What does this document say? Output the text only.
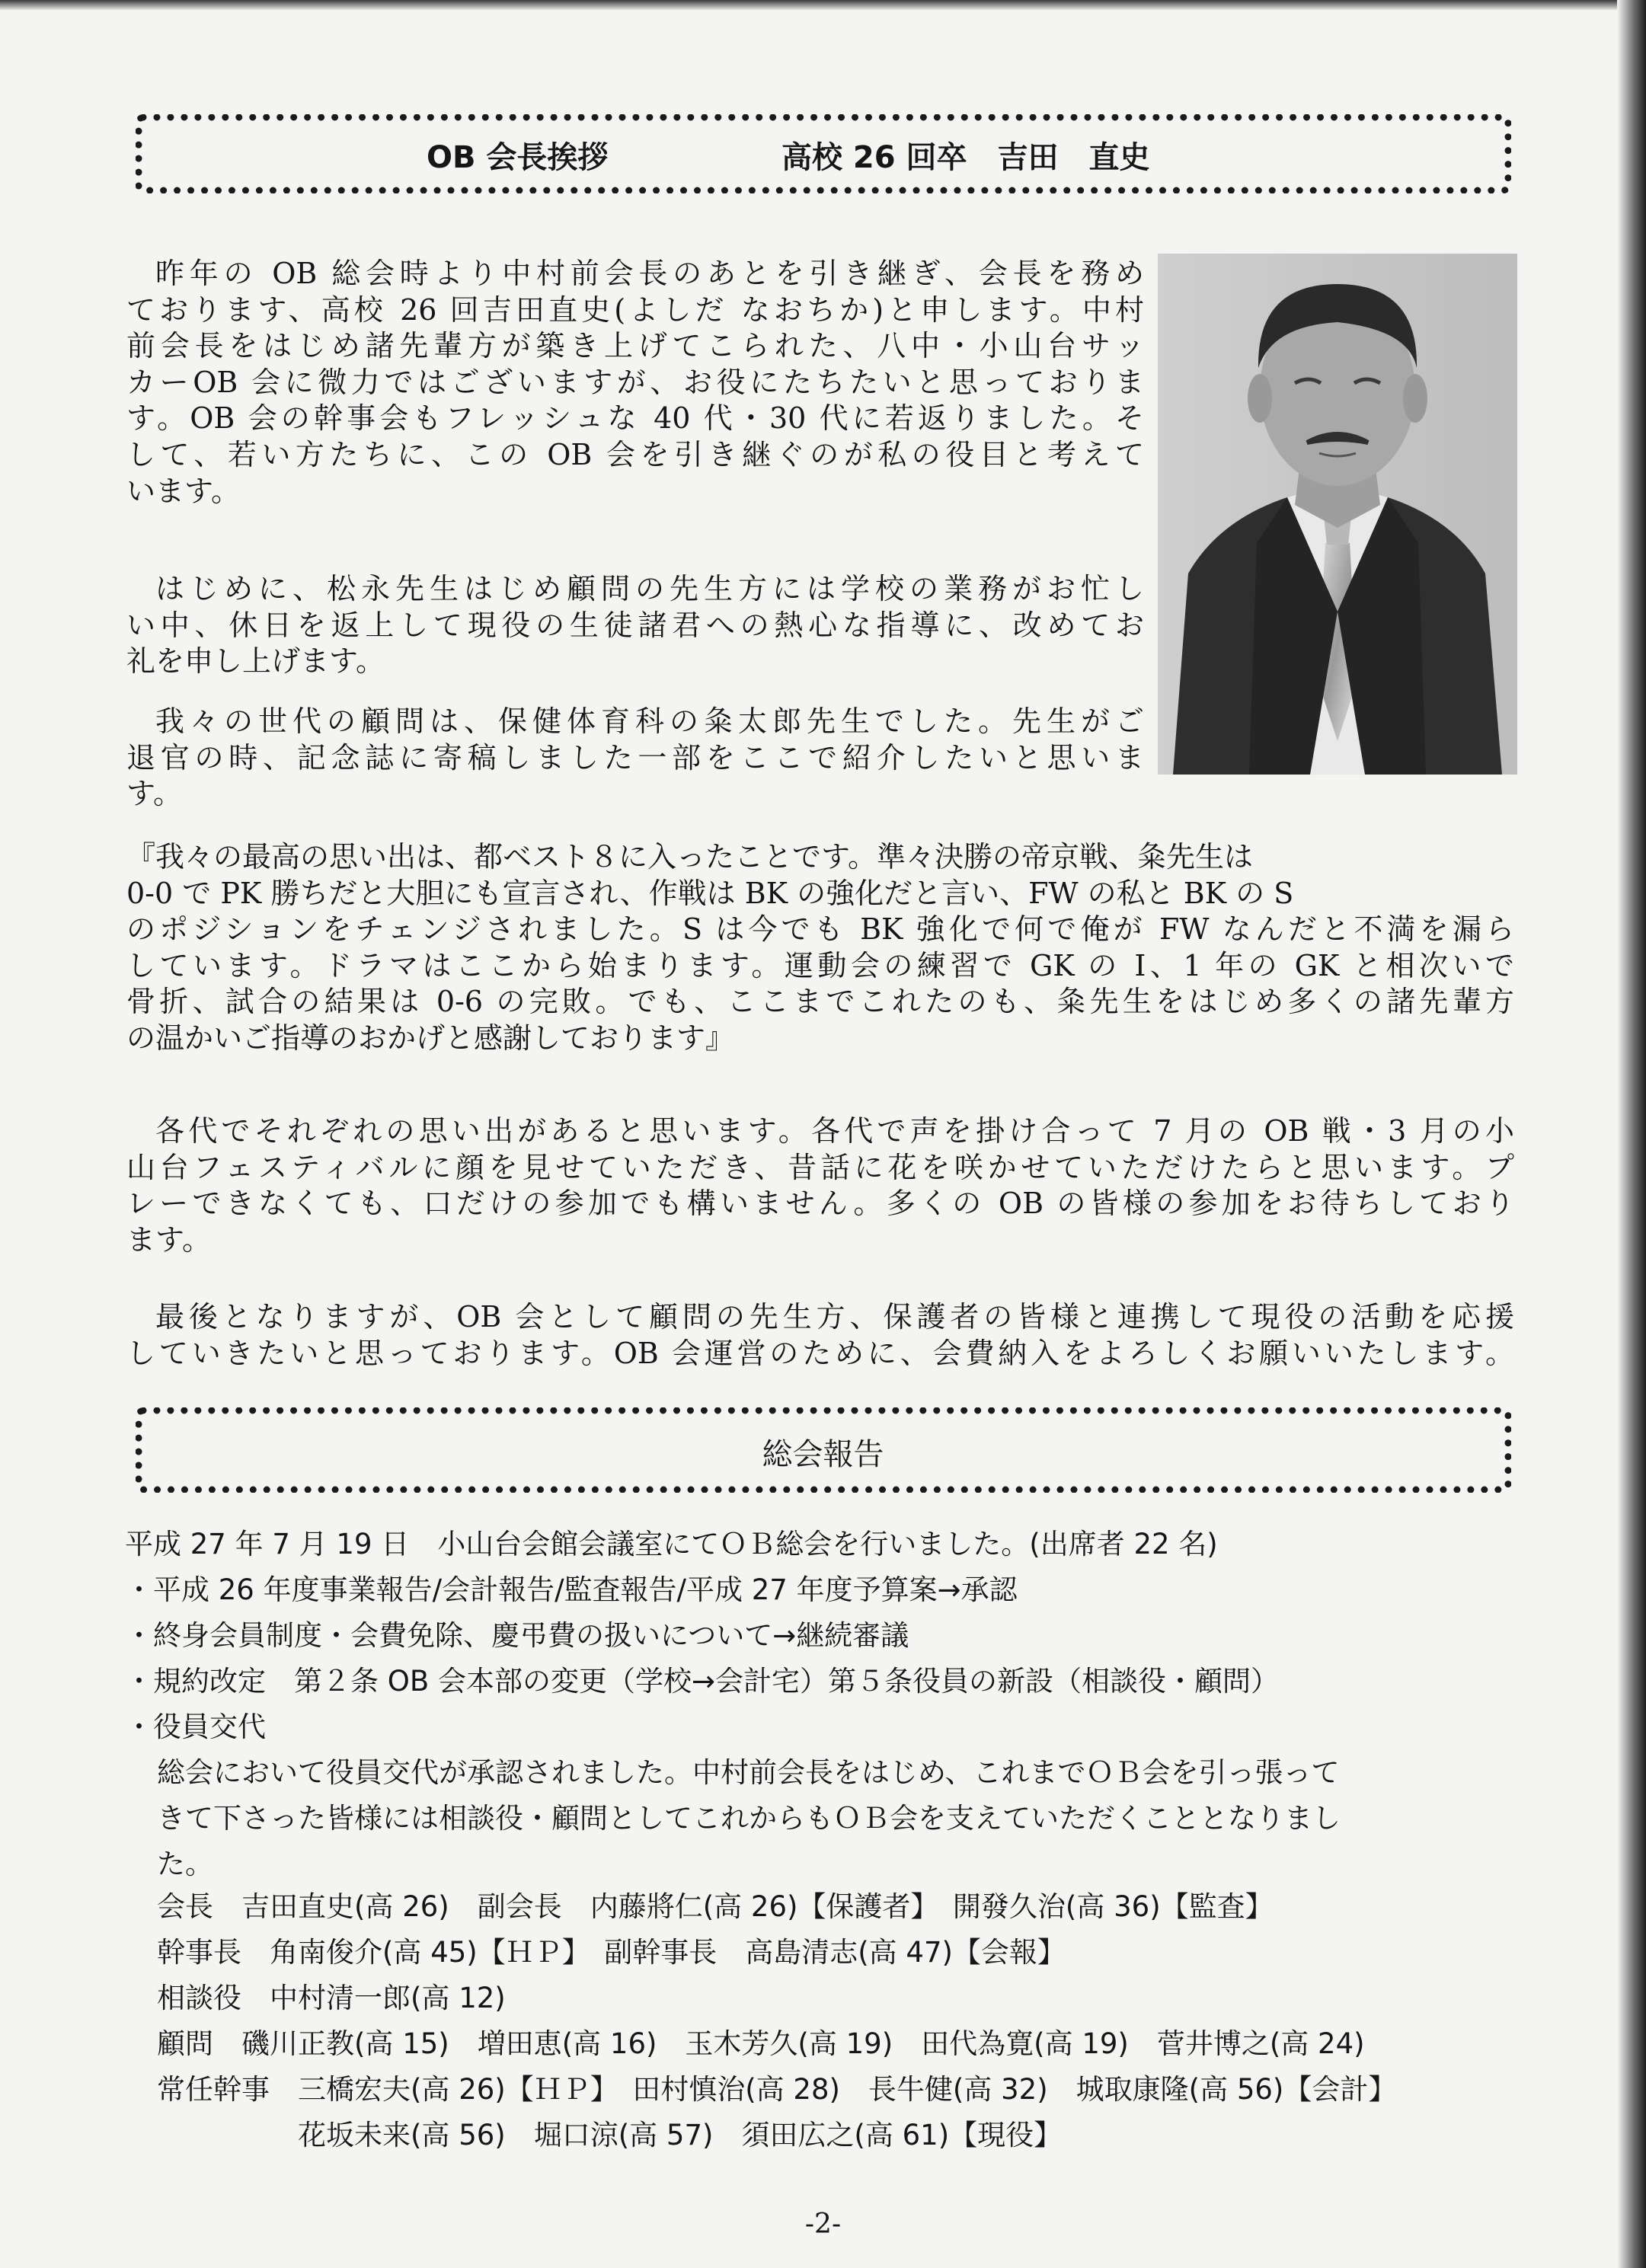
OB 会長挨拶	高校 26 回卒　吉田　直史
昨年の OB 総会時より中村前会長のあとを引き継ぎ、会長を務め
ております、高校 26 回吉田直史(よしだ なおちか)と申します。中村
前会長をはじめ諸先輩方が築き上げてこられた、八中・小山台サッ
カーOB 会に微力ではございますが、お役にたちたいと思っておりま
す。OB 会の幹事会もフレッシュな 40 代・30 代に若返りました。そ
して、若い方たちに、この OB 会を引き継ぐのが私の役目と考えて
います。
はじめに、松永先生はじめ顧問の先生方には学校の業務がお忙し
い中、休日を返上して現役の生徒諸君への熱心な指導に、改めてお
礼を申し上げます。
我々の世代の顧問は、保健体育科の粂太郎先生でした。先生がご
退官の時、記念誌に寄稿しました一部をここで紹介したいと思いま
す。
『我々の最高の思い出は、都ベスト８に入ったことです。準々決勝の帝京戦、粂先生は
0-0 で PK 勝ちだと大胆にも宣言され、作戦は BK の強化だと言い、FW の私と BK の S
のポジションをチェンジされました。S は今でも BK 強化で何で俺が FW なんだと不満を漏ら
しています。ドラマはここから始まります。運動会の練習で GK の I、1 年の GK と相次いで
骨折、試合の結果は 0-6 の完敗。でも、ここまでこれたのも、粂先生をはじめ多くの諸先輩方
の温かいご指導のおかげと感謝しております』
各代でそれぞれの思い出があると思います。各代で声を掛け合って 7 月の OB 戦・3 月の小
山台フェスティバルに顔を見せていただき、昔話に花を咲かせていただけたらと思います。プ
レーできなくても、口だけの参加でも構いません。多くの OB の皆様の参加をお待ちしており
ます。
最後となりますが、OB 会として顧問の先生方、保護者の皆様と連携して現役の活動を応援
していきたいと思っております。OB 会運営のために、会費納入をよろしくお願いいたします。
総会報告
平成 27 年 7 月 19 日　小山台会館会議室にてＯＢ総会を行いました。(出席者 22 名)
・平成 26 年度事業報告/会計報告/監査報告/平成 27 年度予算案→承認
・終身会員制度・会費免除、慶弔費の扱いについて→継続審議
・規約改定　第２条 OB 会本部の変更（学校→会計宅）第５条役員の新設（相談役・顧問）
・役員交代
総会において役員交代が承認されました。中村前会長をはじめ、これまでＯＢ会を引っ張って
きて下さった皆様には相談役・顧問としてこれからもＯＢ会を支えていただくこととなりまし
た。
会長　吉田直史(高 26)　副会長　内藤將仁(高 26)【保護者】　開發久治(高 36)【監査】
幹事長　角南俊介(高 45)【ＨＰ】　副幹事長　高島清志(高 47)【会報】
相談役　中村清一郎(高 12)
顧問　磯川正教(高 15)　増田恵(高 16)　玉木芳久(高 19)　田代為寛(高 19)　菅井博之(高 24)
常任幹事　三橋宏夫(高 26)【ＨＰ】　田村慎治(高 28)　長牛健(高 32)　城取康隆(高 56)【会計】
　　　　　花坂未来(高 56)　堀口涼(高 57)　須田広之(高 61)【現役】
-2-
